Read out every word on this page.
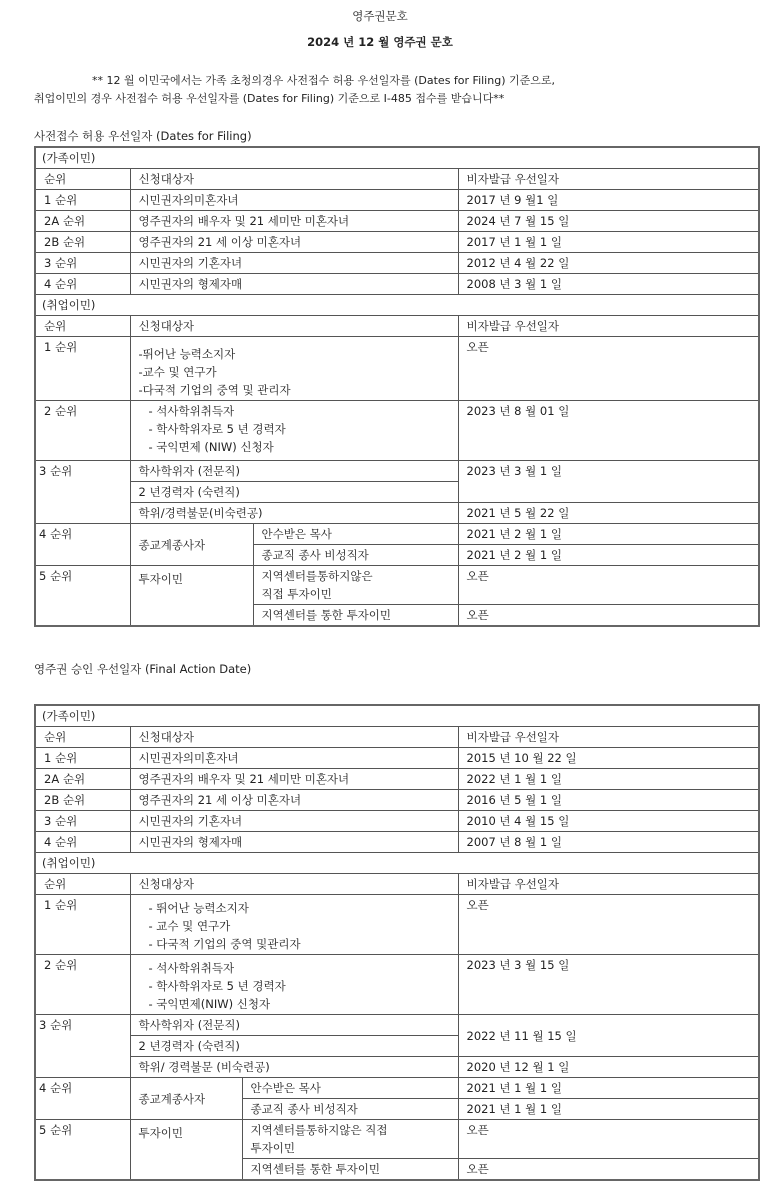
영주권문호
2024 년 12 월 영주권 문호
** 12 월 이민국에서는 가족 초청의경우 사전접수 허용 우선일자를 (Dates for Filing) 기준으로,
취업이민의 경우 사전접수 허용 우선일자를 (Dates for Filing) 기준으로 I-485 접수를 받습니다**
사전접수 허용 우선일자 (Dates for Filing)
(가족이민)			
순위	신청대상자		비자발급 우선일자
1 순위	시민권자의미혼자녀		2017 년 9 월1 일
2A 순위	영주권자의 배우자 및 21 세미만 미혼자녀		2024 년 7 월 15 일
2B 순위	영주권자의 21 세 이상 미혼자녀		2017 년 1 월 1 일
3 순위	시민권자의 기혼자녀		2012 년 4 월 22 일
4 순위	시민권자의 형제자매		2008 년 3 월 1 일
(취업이민)			
순위	신청대상자		비자발급 우선일자
1 순위	-뛰어난 능력소지자
-교수 및 연구가
-다국적 기업의 중역 및 관리자		오픈
2 순위	- 석사학위취득자
- 학사학위자로 5 년 경력자
- 국익면제 (NIW) 신청자		2023 년 8 월 01 일
3 순위	학사학위자 (전문직)		2023 년 3 월 1 일
	2 년경력자 (숙련직)		
	학위/경력불문(비숙련공)		2021 년 5 월 22 일
4 순위	종교계종사자	안수받은 목사	2021 년 2 월 1 일
		종교직 종사 비성직자	2021 년 2 월 1 일
5 순위	투자이민	지역센터를통하지않은
직접 투자이민	오픈
		지역센터를 통한 투자이민	오픈
영주권 승인 우선일자 (Final Action Date)
(가족이민)			
순위	신청대상자		비자발급 우선일자
1 순위	시민권자의미혼자녀		2015 년 10 월 22 일
2A 순위	영주권자의 배우자 및 21 세미만 미혼자녀		2022 년 1 월 1 일
2B 순위	영주권자의 21 세 이상 미혼자녀		2016 년 5 월 1 일
3 순위	시민권자의 기혼자녀		2010 년 4 월 15 일
4 순위	시민권자의 형제자매		2007 년 8 월 1 일
(취업이민)			
순위	신청대상자		비자발급 우선일자
1 순위	- 뛰어난 능력소지자
- 교수 및 연구가
- 다국적 기업의 중역 및관리자		오픈
2 순위	- 석사학위취득자
- 학사학위자로 5 년 경력자
- 국익면제(NIW) 신청자		2023 년 3 월 15 일
3 순위	학사학위자 (전문직)		2022 년 11 월 15 일
	2 년경력자 (숙련직)		
	학위/ 경력불문 (비숙련공)		2020 년 12 월 1 일
4 순위	종교계종사자	안수받은 목사	2021 년 1 월 1 일
		종교직 종사 비성직자	2021 년 1 월 1 일
5 순위	투자이민	지역센터를통하지않은 직접
투자이민	오픈
		지역센터를 통한 투자이민	오픈
